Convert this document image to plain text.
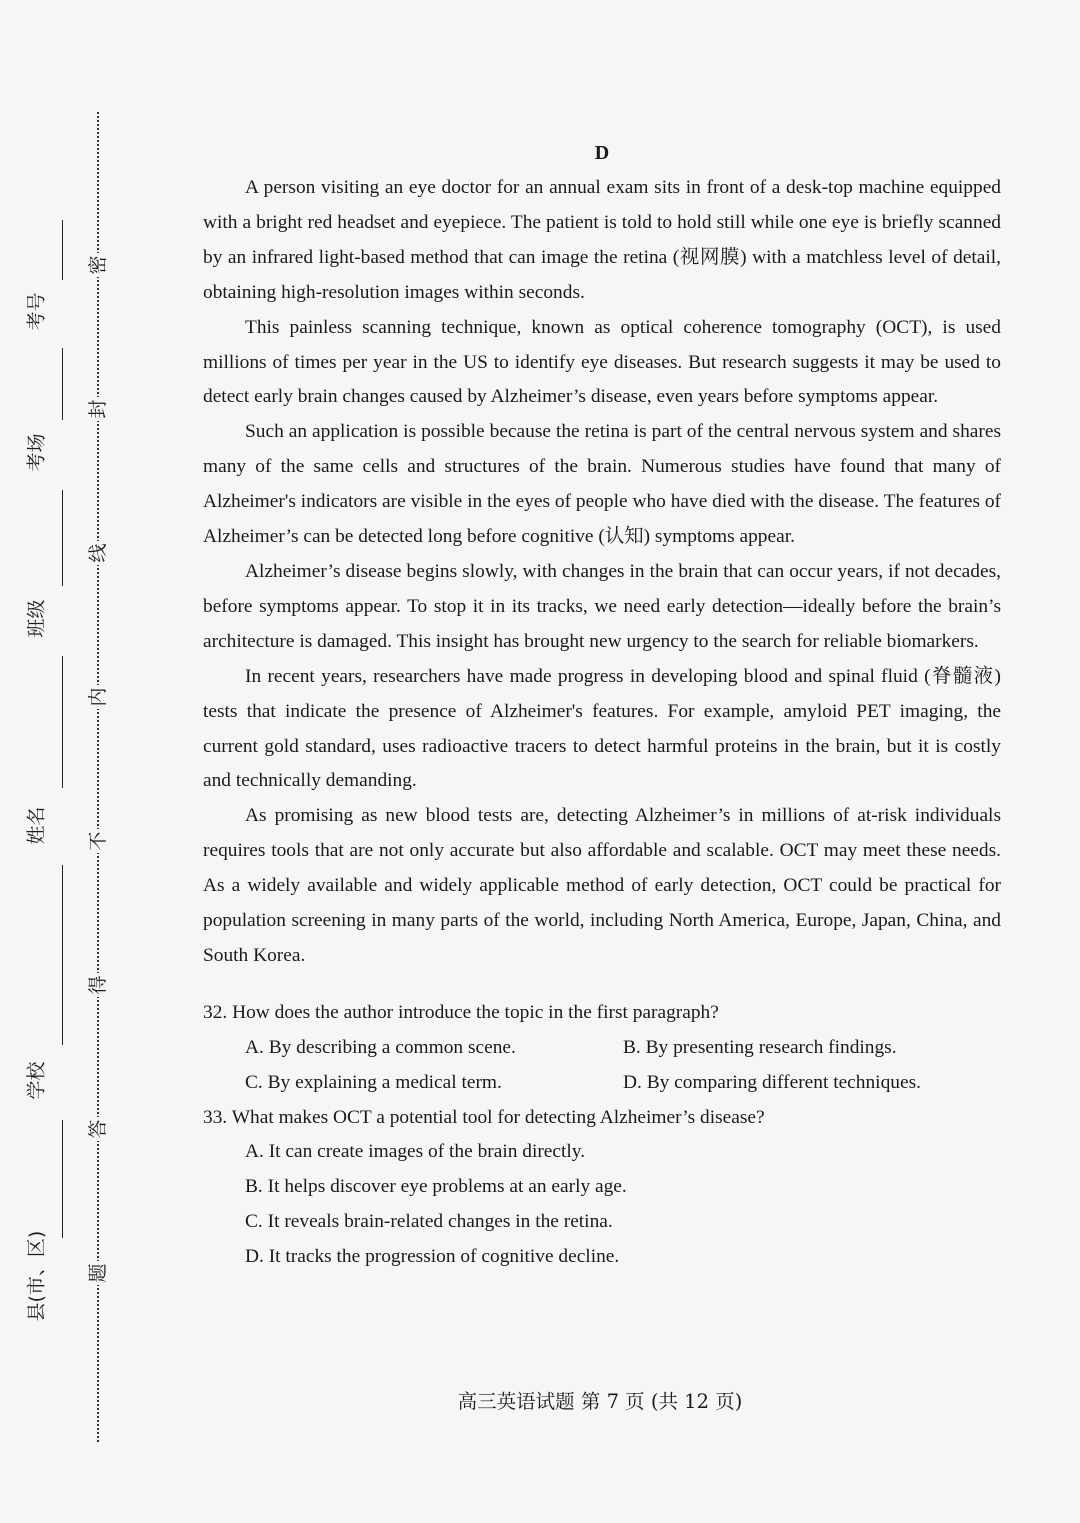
密
封
线
内
不
得
答
题
考号
考场
班级
姓名
学校
县(市、区)
D

A person visiting an eye doctor for an annual exam sits in front of a desk-top machine equipped with a bright red headset and eyepiece. The patient is told to hold still while one eye is briefly scanned by an infrared light-based method that can image the retina (视网膜) with a matchless level of detail, obtaining high-resolution images within seconds.

This painless scanning technique, known as optical coherence tomography (OCT), is used millions of times per year in the US to identify eye diseases. But research suggests it may be used to detect early brain changes caused by Alzheimer’s disease, even years before symptoms appear.

Such an application is possible because the retina is part of the central nervous system and shares many of the same cells and structures of the brain. Numerous studies have found that many of Alzheimer's indicators are visible in the eyes of people who have died with the disease. The features of Alzheimer’s can be detected long before cognitive (认知) symptoms appear.

Alzheimer’s disease begins slowly, with changes in the brain that can occur years, if not decades, before symptoms appear. To stop it in its tracks, we need early detection—ideally before the brain’s architecture is damaged. This insight has brought new urgency to the search for reliable biomarkers.

In recent years, researchers have made progress in developing blood and spinal fluid (脊髓液) tests that indicate the presence of Alzheimer's features. For example, amyloid PET imaging, the current gold standard, uses radioactive tracers to detect harmful proteins in the brain, but it is costly and technically demanding.

As promising as new blood tests are, detecting Alzheimer’s in millions of at-risk individuals requires tools that are not only accurate but also affordable and scalable. OCT may meet these needs. As a widely available and widely applicable method of early detection, OCT could be practical for population screening in many parts of the world, including North America, Europe, Japan, China, and South Korea.

32. How does the author introduce the topic in the first paragraph?

A. By describing a common scene.	B. By presenting research findings.
C. By explaining a medical term.	D. By comparing different techniques.

33. What makes OCT a potential tool for detecting Alzheimer’s disease?

A. It can create images of the brain directly.

B. It helps discover eye problems at an early age.

C. It reveals brain-related changes in the retina.

D. It tracks the progression of cognitive decline.

高三英语试题 第 7 页 (共 12 页)
